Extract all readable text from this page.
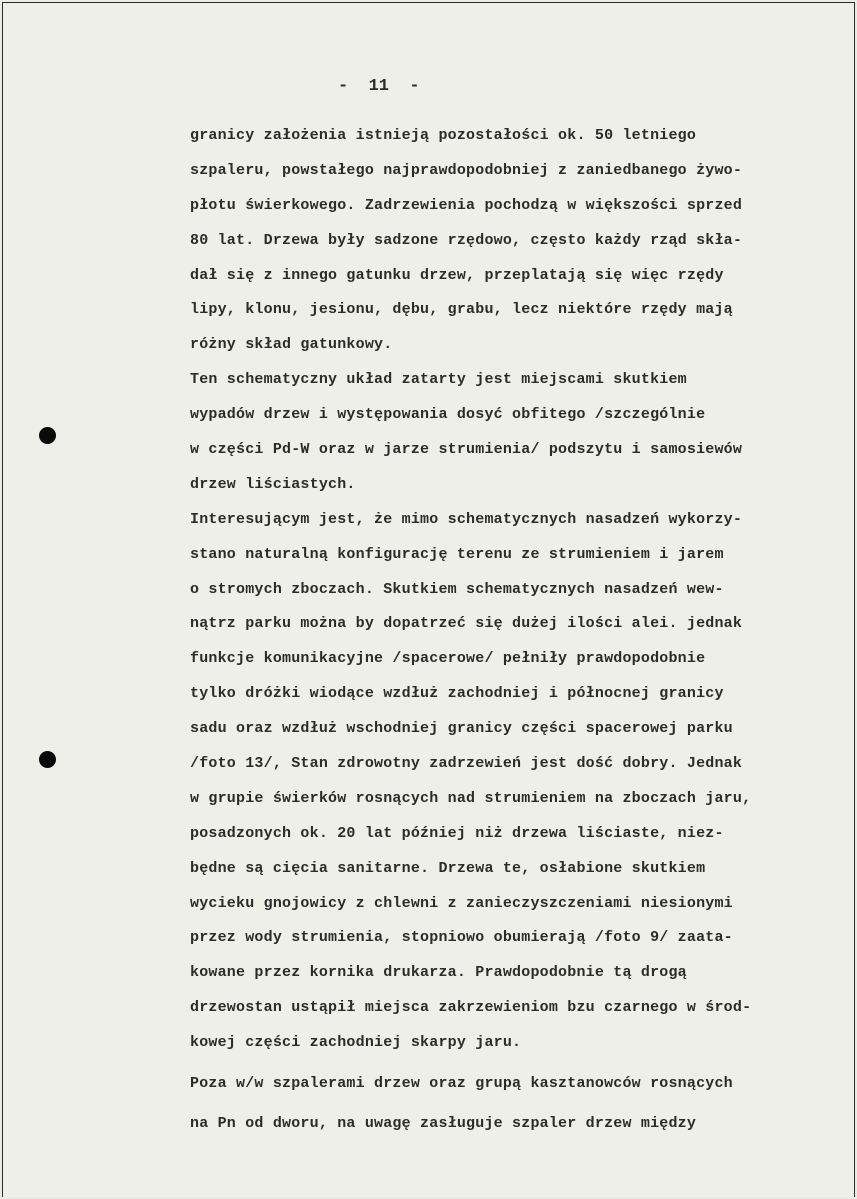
-  11  -
granicy założenia istnieją pozostałości ok. 50 letniego
szpaleru, powstałego najprawdopodobniej z zaniedbanego żywo-
płotu świerkowego. Zadrzewienia pochodzą w większości sprzed
80 lat. Drzewa były sadzone rzędowo, często każdy rząd skła-
dał się z innego gatunku drzew, przeplatają się więc rzędy
lipy, klonu, jesionu, dębu, grabu, lecz niektóre rzędy mają
różny skład gatunkowy.
Ten schematyczny układ zatarty jest miejscami skutkiem
wypadów drzew i występowania dosyć obfitego /szczególnie
w części Pd-W oraz w jarze strumienia/ podszytu i samosiewów
drzew liściastych.
Interesującym jest, że mimo schematycznych nasadzeń wykorzy-
stano naturalną konfigurację terenu ze strumieniem i jarem
o stromych zboczach. Skutkiem schematycznych nasadzeń wew-
nątrz parku można by dopatrzeć się dużej ilości alei. jednak
funkcje komunikacyjne /spacerowe/ pełniły prawdopodobnie
tylko dróżki wiodące wzdłuż zachodniej i północnej granicy
sadu oraz wzdłuż wschodniej granicy części spacerowej parku
/foto 13/, Stan zdrowotny zadrzewień jest dość dobry. Jednak
w grupie świerków rosnących nad strumieniem na zboczach jaru,
posadzonych ok. 20 lat później niż drzewa liściaste, niez-
będne są cięcia sanitarne. Drzewa te, osłabione skutkiem
wycieku gnojowicy z chlewni z zanieczyszczeniami niesionymi
przez wody strumienia, stopniowo obumierają /foto 9/ zaata-
kowane przez kornika drukarza. Prawdopodobnie tą drogą
drzewostan ustąpił miejsca zakrzewieniom bzu czarnego w środ-
kowej części zachodniej skarpy jaru.
Poza w/w szpalerami drzew oraz grupą kasztanowców rosnących
na Pn od dworu, na uwagę zasługuje szpaler drzew między
